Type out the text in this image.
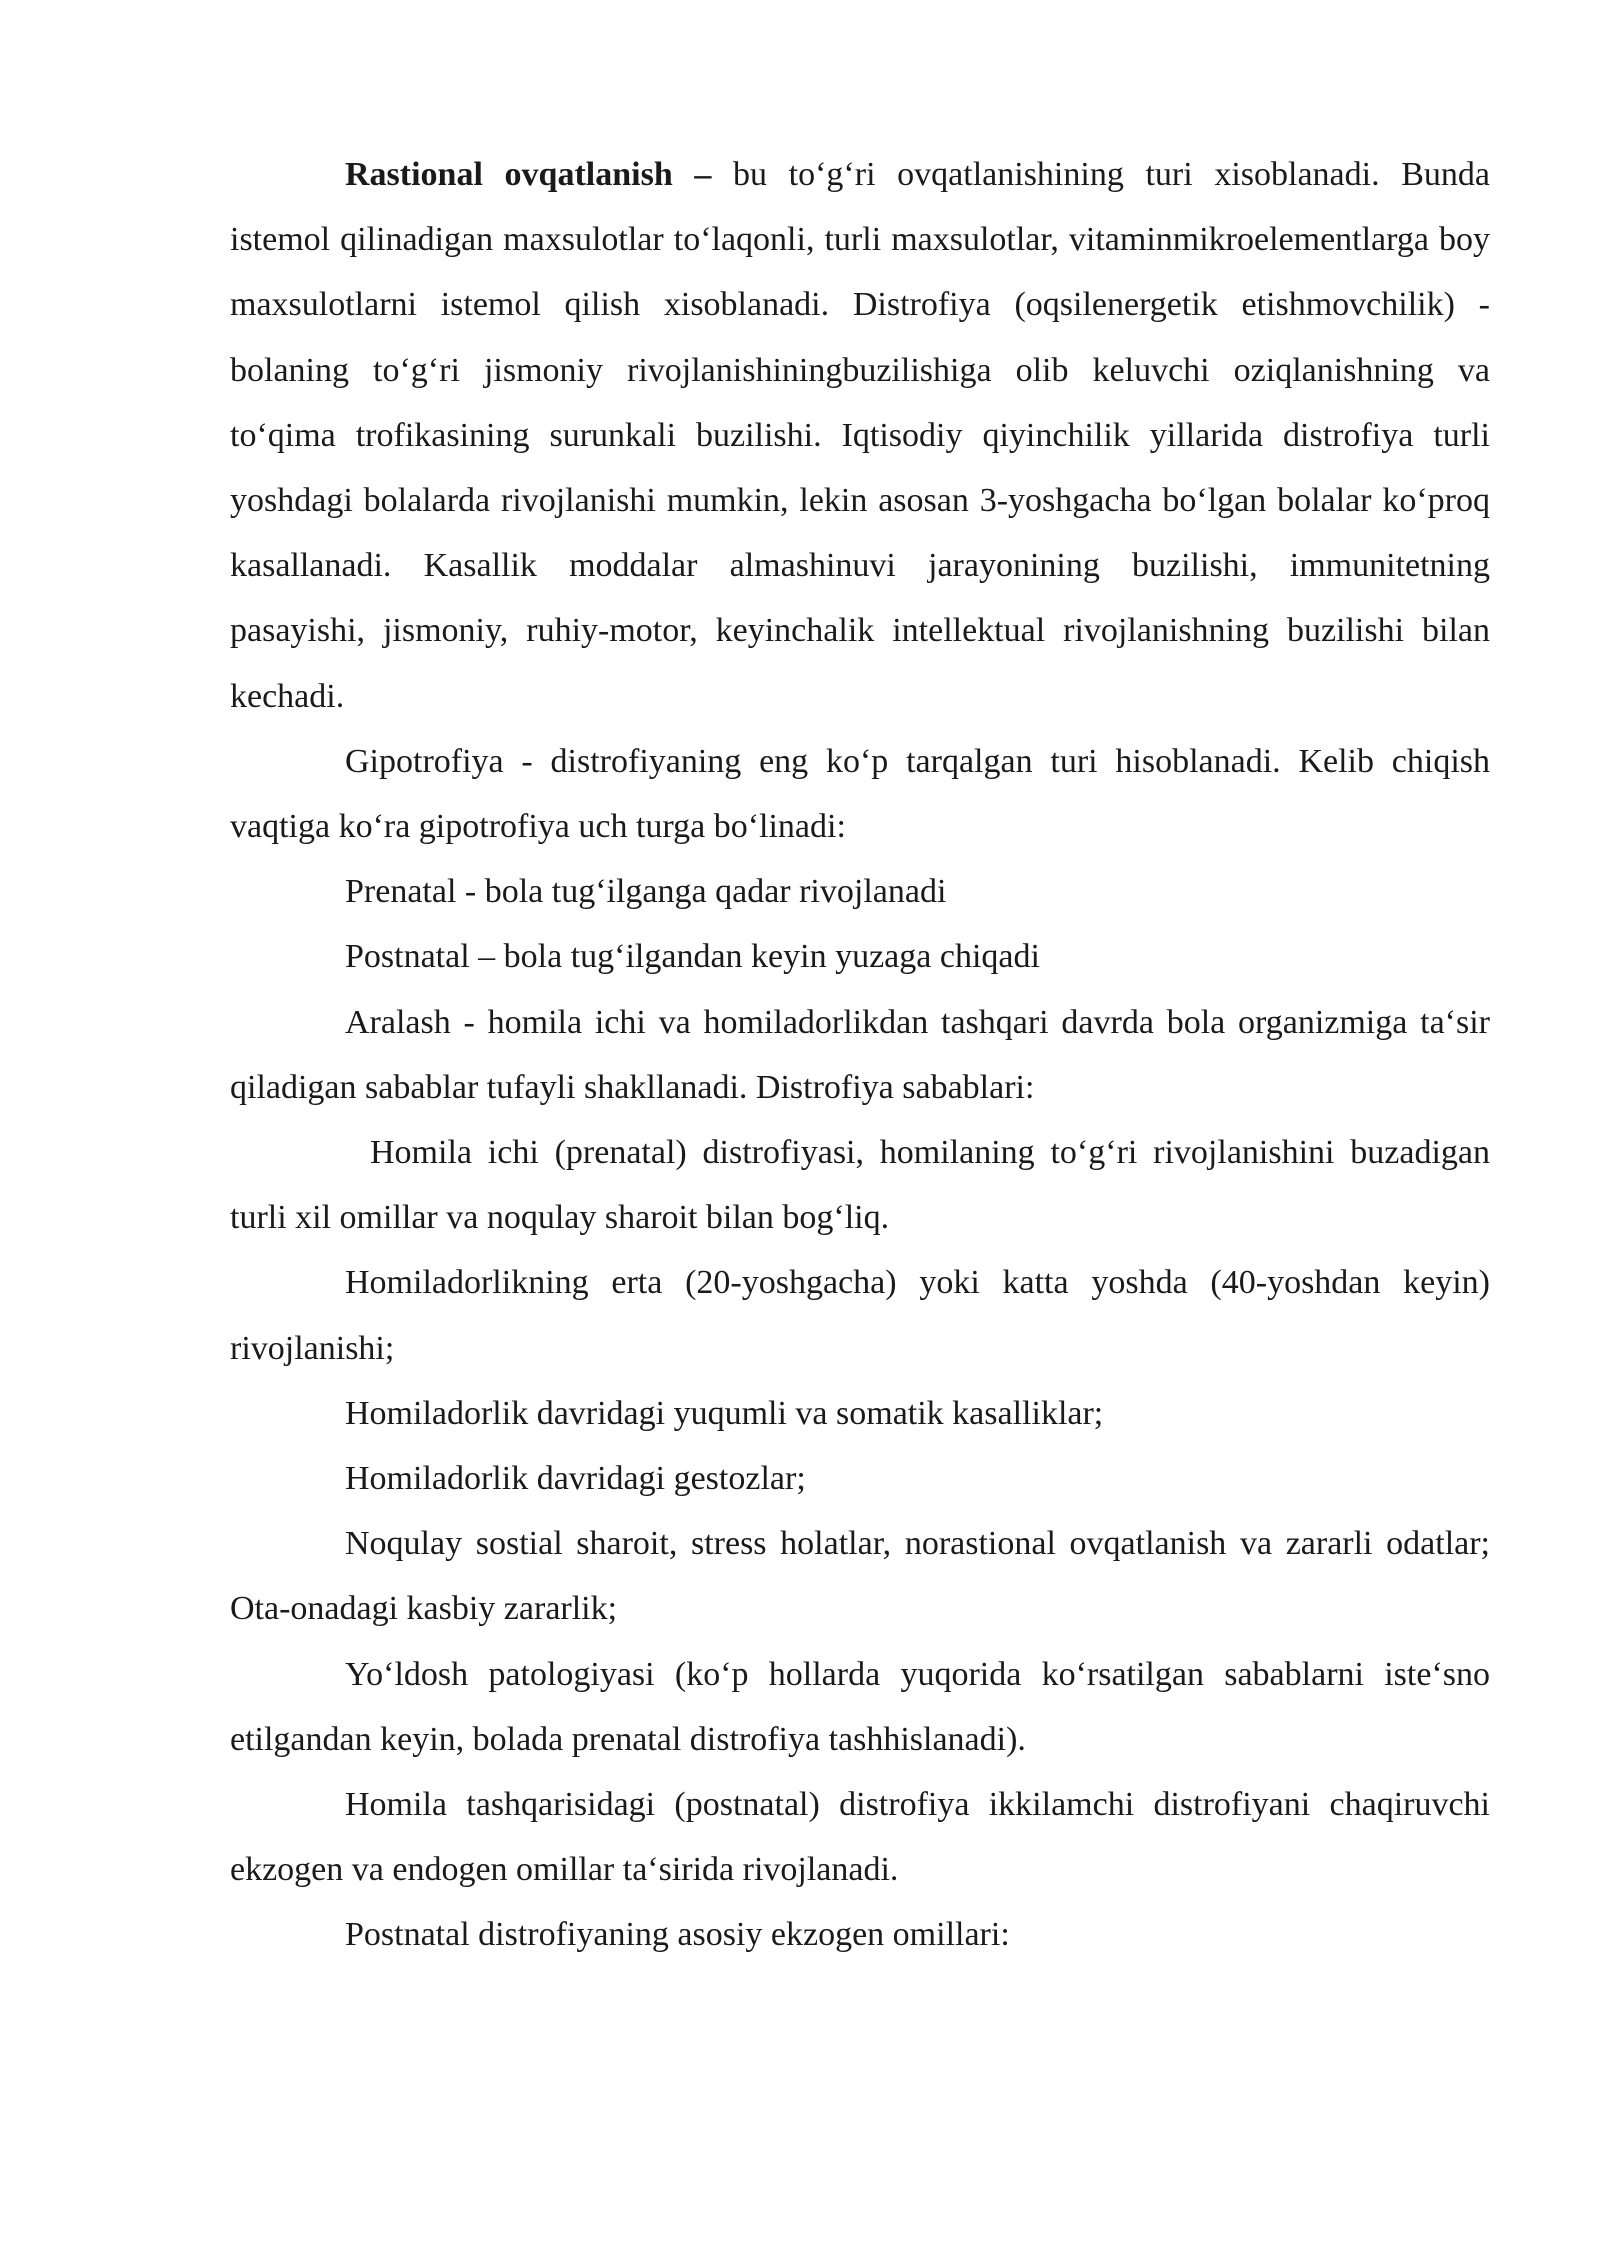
Rastional ovqatlanish – bu to‘g‘ri ovqatlanishining turi xisoblanadi. Bunda istemol qilinadigan maxsulotlar to‘laqonli, turli maxsulotlar, vitaminmikroelementlarga boy maxsulotlarni istemol qilish xisoblanadi. Distrofiya (oqsilenergetik etishmovchilik) - bolaning to‘g‘ri jismoniy rivojlanishiningbuzilishiga olib keluvchi oziqlanishning va to‘qima trofikasining surunkali buzilishi. Iqtisodiy qiyinchilik yillarida distrofiya turli yoshdagi bolalarda rivojlanishi mumkin, lekin asosan 3-yoshgacha bo‘lgan bolalar ko‘proq kasallanadi. Kasallik moddalar almashinuvi jarayonining buzilishi, immunitetning pasayishi, jismoniy, ruhiy-motor, keyinchalik intellektual rivojlanishning buzilishi bilan kechadi.

Gipotrofiya - distrofiyaning eng ko‘p tarqalgan turi hisoblanadi. Kelib chiqish vaqtiga ko‘ra gipotrofiya uch turga bo‘linadi:

Prenatal - bola tug‘ilganga qadar rivojlanadi

Postnatal – bola tug‘ilgandan keyin yuzaga chiqadi

Aralash - homila ichi va homiladorlikdan tashqari davrda bola organizmiga ta‘sir qiladigan sabablar tufayli shakllanadi. Distrofiya sabablari:

Homila ichi (prenatal) distrofiyasi, homilaning to‘g‘ri rivojlanishini buzadigan turli xil omillar va noqulay sharoit bilan bog‘liq.

Homiladorlikning erta (20-yoshgacha) yoki katta yoshda (40-yoshdan keyin) rivojlanishi;

Homiladorlik davridagi yuqumli va somatik kasalliklar;

Homiladorlik davridagi gestozlar;

Noqulay sostial sharoit, stress holatlar, norastional ovqatlanish va zararli odatlar; Ota-onadagi kasbiy zararlik;

Yo‘ldosh patologiyasi (ko‘p hollarda yuqorida ko‘rsatilgan sabablarni iste‘sno etilgandan keyin, bolada prenatal distrofiya tashhislanadi).

Homila tashqarisidagi (postnatal) distrofiya ikkilamchi distrofiyani chaqiruvchi ekzogen va endogen omillar ta‘sirida rivojlanadi.

Postnatal distrofiyaning asosiy ekzogen omillari:
